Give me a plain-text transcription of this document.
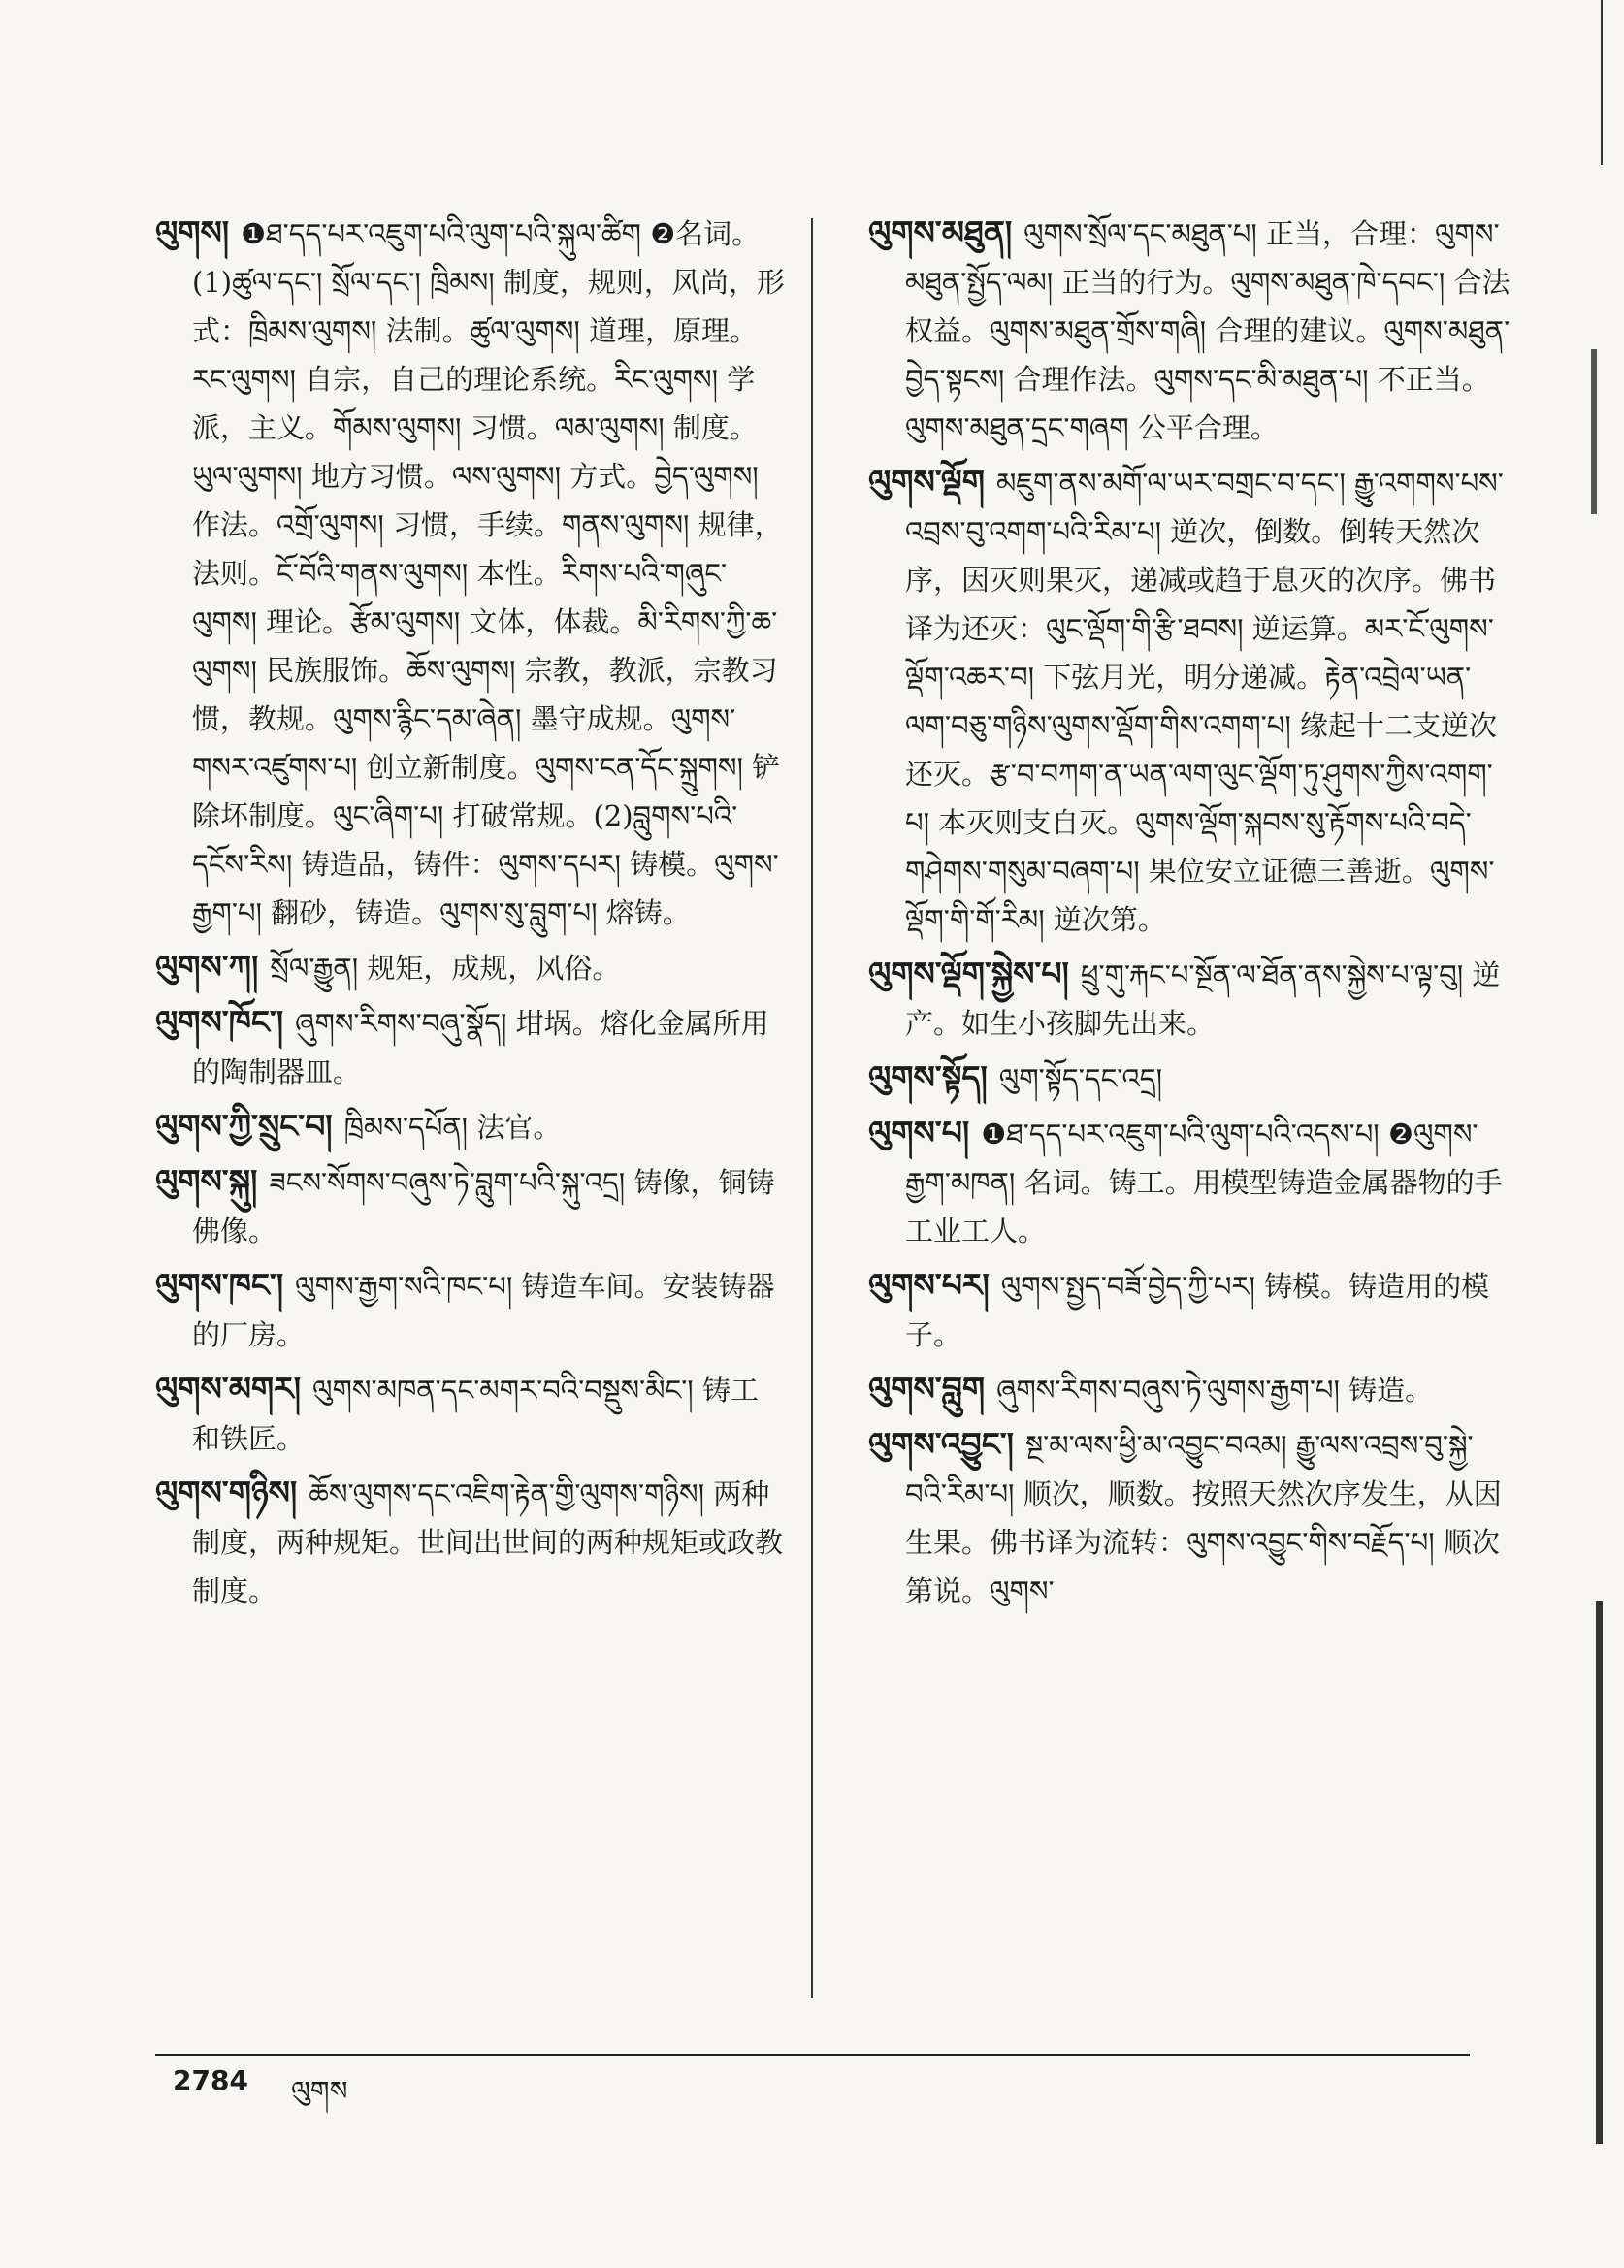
ལུགས། ❶ཐ་དད་པར་འཇུག་པའི་ལུག་པའི་སྐུལ་ཚིག ❷名词。(1)ཚུལ་དང་། སྲོལ་དང་། ཁྲིམས། 制度，规则，风尚，形式：ཁྲིམས་ལུགས། 法制。ཚུལ་ལུགས། 道理，原理。རང་ལུགས། 自宗，自己的理论系统。རིང་ལུགས། 学派，主义。གོམས་ལུགས། 习惯。ལམ་ལུགས། 制度。ཡུལ་ལུགས། 地方习惯。ལས་ལུགས། 方式。བྱེད་ལུགས། 作法。འགྲོ་ལུགས། 习惯，手续。གནས་ལུགས། 规律，法则。ངོ་བོའི་གནས་ལུགས། 本性。རིགས་པའི་གཞུང་ལུགས། 理论。རྩོམ་ལུགས། 文体，体裁。མི་རིགས་ཀྱི་ཆ་ལུགས། 民族服饰。ཆོས་ལུགས། 宗教，教派，宗教习惯，教规。ལུགས་རྙིང་དམ་ཞེན། 墨守成规。ལུགས་གསར་འཛུགས་པ། 创立新制度。ལུགས་ངན་དོང་སྐྲུགས། 铲除坏制度。ལུང་ཞིག་པ། 打破常规。(2)བླུགས་པའི་དངོས་རིས། 铸造品，铸件：ལུགས་དཔར། 铸模。ལུགས་རྒྱག་པ། 翻砂，铸造。ལུགས་སུ་བླུག་པ། 熔铸。
ལུགས་ཀ། སྲོལ་རྒྱུན། 规矩，成规，风俗。
ལུགས་ཁོང་། ཞུགས་རིགས་བཞུ་སྣོད། 坩埚。熔化金属所用的陶制器皿。
ལུགས་ཀྱི་སྲུང་བ། ཁྲིམས་དཔོན། 法官。
ལུགས་སྐུ། ཟངས་སོགས་བཞུས་ཏེ་བླུག་པའི་སྐུ་འདྲ། 铸像，铜铸佛像。
ལུགས་ཁང་། ལུགས་རྒྱག་སའི་ཁང་པ། 铸造车间。安装铸器的厂房。
ལུགས་མགར། ལུགས་མཁན་དང་མགར་བའི་བསྡུས་མིང་། 铸工和铁匠。
ལུགས་གཉིས། ཆོས་ལུགས་དང་འཇིག་རྟེན་གྱི་ལུགས་གཉིས། 两种制度，两种规矩。世间出世间的两种规矩或政教制度。
ལུགས་མཐུན། ལུགས་སྲོལ་དང་མཐུན་པ། 正当，合理：ལུགས་མཐུན་སྤྱོད་ལམ། 正当的行为。ལུགས་མཐུན་ཁེ་དབང་། 合法权益。ལུགས་མཐུན་གྲོས་གཞི། 合理的建议。ལུགས་མཐུན་བྱེད་སྟངས། 合理作法。ལུགས་དང་མི་མཐུན་པ། 不正当。ལུགས་མཐུན་དྲང་གཞག 公平合理。
ལུགས་ལྡོག མཇུག་ནས་མགོ་ལ་ཡར་བགྲང་བ་དང་། རྒྱུ་འགགས་པས་འབྲས་བུ་འགག་པའི་རིམ་པ། 逆次，倒数。倒转天然次序，因灭则果灭，递减或趋于息灭的次序。佛书译为还灭：ལུང་ལྡོག་གི་རྩི་ཐབས། 逆运算。མར་ངོ་ལུགས་ལྡོག་འཆར་བ། 下弦月光，明分递减。རྟེན་འབྲེལ་ཡན་ལག་བཅུ་གཉིས་ལུགས་ལྡོག་གིས་འགག་པ། 缘起十二支逆次还灭。རྩ་བ་བཀག་ན་ཡན་ལག་ལུང་ལྡོག་ཏུ་ཤུགས་ཀྱིས་འགག་པ། 本灭则支自灭。ལུགས་ལྡོག་སྐབས་སུ་རྟོགས་པའི་བདེ་གཤེགས་གསུམ་བཞག་པ། 果位安立证德三善逝。ལུགས་ལྡོག་གི་གོ་རིམ། 逆次第。
ལུགས་ལྡོག་སྐྱེས་པ། ཕྲུ་གུ་རྐང་པ་སྔོན་ལ་ཐོན་ནས་སྐྱེས་པ་ལྟ་བུ། 逆产。如生小孩脚先出来。
ལུགས་སྟོད། ལུག་སྟོད་དང་འདྲ།
ལུགས་པ། ❶ཐ་དད་པར་འཇུག་པའི་ལུག་པའི་འདས་པ། ❷ལུགས་རྒྱག་མཁན། 名词。铸工。用模型铸造金属器物的手工业工人。
ལུགས་པར། ལུགས་སྤྱད་བཟོ་བྱེད་ཀྱི་པར། 铸模。铸造用的模子。
ལུགས་བླུག ཞུགས་རིགས་བཞུས་ཏེ་ལུགས་རྒྱག་པ། 铸造。
ལུགས་འབྱུང་། སྔ་མ་ལས་ཕྱི་མ་འབྱུང་བའམ། རྒྱུ་ལས་འབྲས་བུ་སྐྱེ་བའི་རིམ་པ། 顺次，顺数。按照天然次序发生，从因生果。佛书译为流转：ལུགས་འབྱུང་གིས་བརྗོད་པ། 顺次第说。ལུགས་
2784 ལུགས
